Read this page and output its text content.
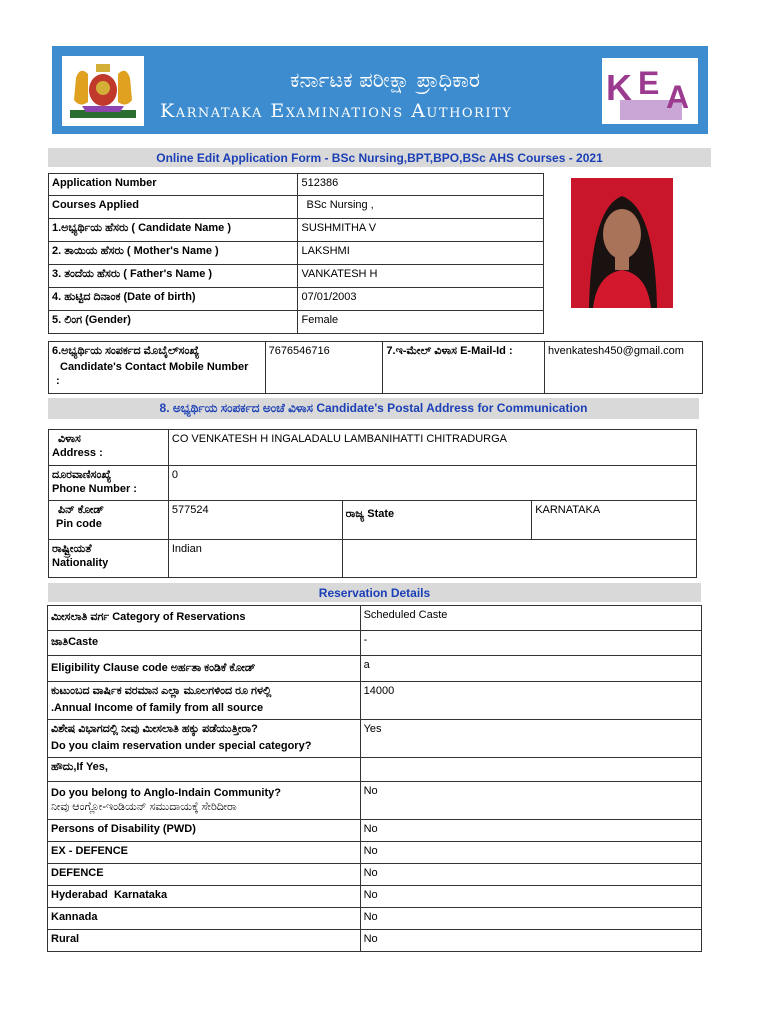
ಕರ್ನಾಟಕ ಪರೀಕ್ಷಾ ಪ್ರಾಧಿಕಾರ
Karnataka Examinations Authority
K E A
Online Edit Application Form - BSc Nursing,BPT,BPO,BSc AHS Courses - 2021
Application Number	512386
Courses Applied	BSc Nursing ,
1.ಅಭ್ಯರ್ಥಿಯ ಹೆಸರು ( Candidate Name )	SUSHMITHA V
2. ತಾಯಿಯ ಹೆಸರು ( Mother's Name )	LAKSHMI
3. ತಂದೆಯ ಹೆಸರು ( Father's Name )	VANKATESH H
4. ಹುಟ್ಟಿದ ದಿನಾಂಕ (Date of birth)	07/01/2003
5. ಲಿಂಗ (Gender)	Female
6.ಅಭ್ಯರ್ಥಿಯ ಸಂಪರ್ಕದ ಮೊಬೈಲ್‌ಸಂಖ್ಯೆ
Candidate's Contact Mobile Number
:
	7676546716	7.ಇ-ಮೇಲ್ ವಿಳಾಸ E-Mail-Id :	hvenkatesh450@gmail.com
8. ಅಭ್ಯರ್ಥಿಯ ಸಂಪರ್ಕದ ಅಂಚೆ ವಿಳಾಸ Candidate's Postal Address for Communication
ವಿಳಾಸ
Address :	CO VENKATESH H INGALADALU LAMBANIHATTI CHITRADURGA		

ದೂರವಾಣಿಸಂಖ್ಯೆ
Phone Number :	0		

ಪಿನ್ ಕೋಡ್
Pin code	577524	ರಾಜ್ಯ State	KARNATAKA

ರಾಷ್ಟ್ರೀಯತೆ
Nationality	Indian		
Reservation Details
ಮೀಸಲಾತಿ ವರ್ಗ Category of Reservations	Scheduled Caste

ಜಾತಿCaste	-

Eligibility Clause code ಅರ್ಹತಾ ಕಂಡಿಕೆ ಕೋಡ್	a

ಕುಟುಂಬದ ವಾರ್ಷಿಕ ವರಮಾನ ಎಲ್ಲಾ ಮೂಲಗಳಿಂದ ರೂ ಗಳಲ್ಲಿ
.Annual Income of family from all source	14000

ವಿಶೇಷ ವಿಭಾಗದಲ್ಲಿ ನೀವು ಮೀಸಲಾತಿ ಹಕ್ಕು ಪಡೆಯುತ್ತೀರಾ?
Do you claim reservation under special category?	Yes

ಹೌದು,If Yes,	

Do you belong to Anglo-Indain Community?
ನೀವು ಆಂಗ್ಲೋ-ಇಂಡಿಯನ್ ಸಮುದಾಯಕ್ಕೆ ಸೇರಿದೀರಾ	No
Persons of Disability (PWD)	No
EX - DEFENCE	No
DEFENCE	No
Hyderabad  Karnataka	No
Kannada	No
Rural	No
